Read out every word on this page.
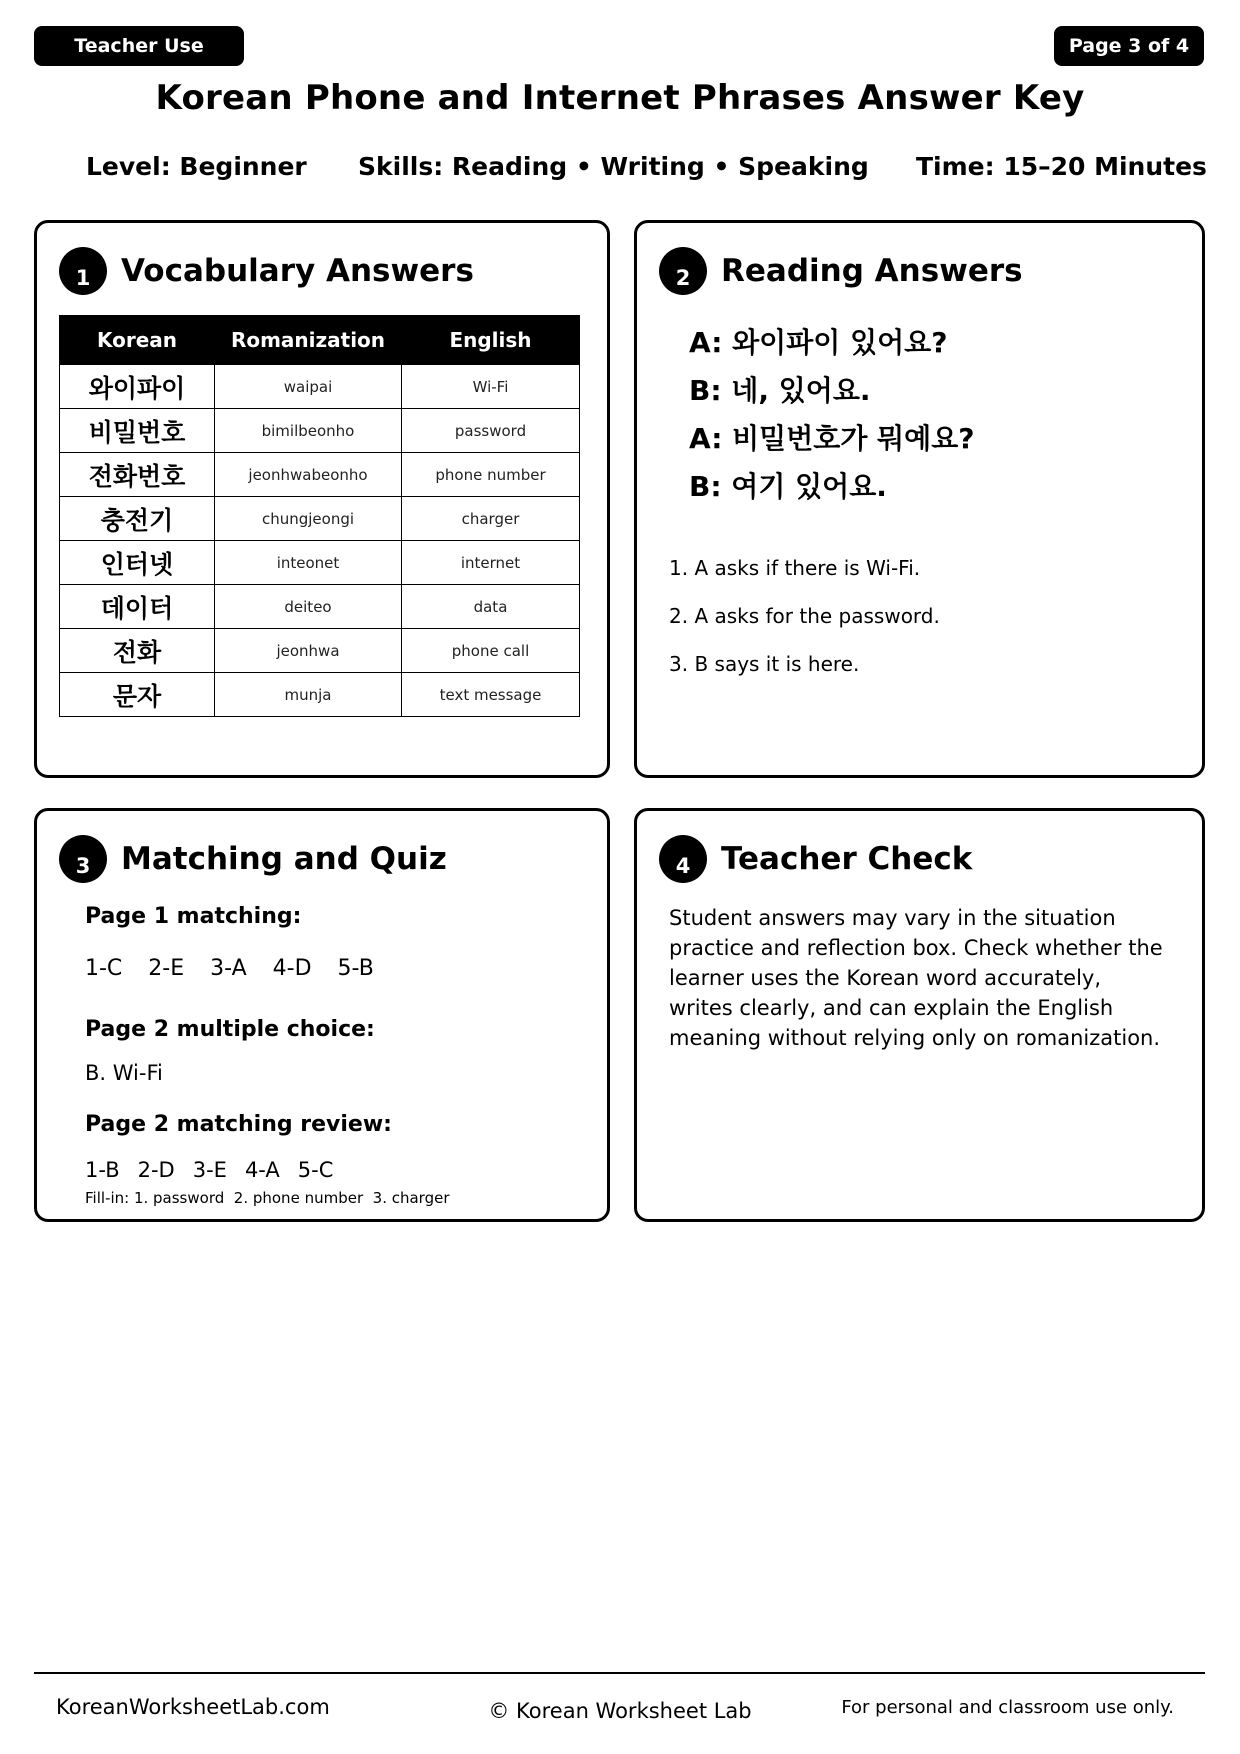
Teacher Use	Page 3 of 4
Korean Phone and Internet Phrases Answer Key
Level: Beginner Skills: Reading • Writing • Speaking Time: 15–20 Minutes
1 Vocabulary Answers
Korean	Romanization	English
와이파이	waipai	Wi-Fi
비밀번호	bimilbeonho	password
전화번호	jeonhwabeonho	phone number
충전기	chungjeongi	charger
인터넷	inteonet	internet
데이터	deiteo	data
전화	jeonhwa	phone call
문자	munja	text message
2 Reading Answers
A: 와이파이 있어요?
B: 네, 있어요.
A: 비밀번호가 뭐예요?
B: 여기 있어요.
1. A asks if there is Wi-Fi.
2. A asks for the password.
3. B says it is here.
3 Matching and Quiz
Page 1 matching:
1-C 2-E 3-A 4-D 5-B
Page 2 multiple choice:
B. Wi-Fi
Page 2 matching review:
1-B 2-D 3-E 4-A 5-C
Fill-in: 1. password  2. phone number  3. charger
4 Teacher Check
Student answers may vary in the situation practice and reflection box. Check whether the learner uses the Korean word accurately, writes clearly, and can explain the English meaning without relying only on romanization.
KoreanWorksheetLab.com	© Korean Worksheet Lab	For personal and classroom use only.
